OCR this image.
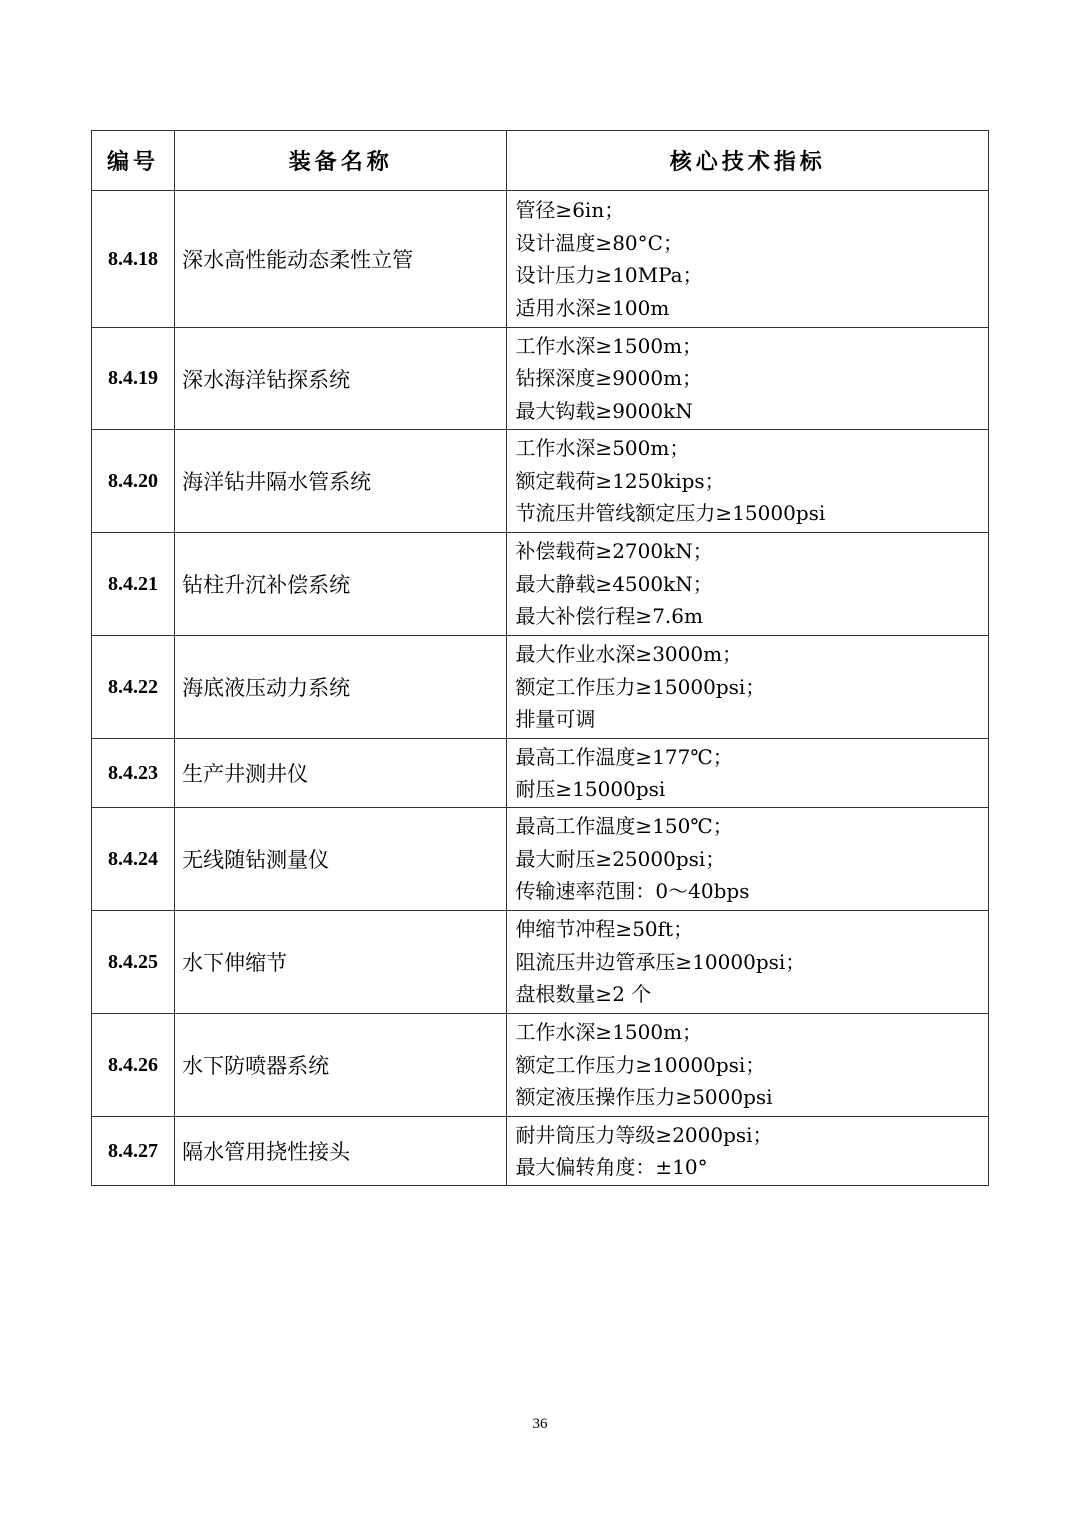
编号	装备名称	核心技术指标
8.4.18	深水高性能动态柔性立管	管径≥6in；
设计温度≥80°C；
设计压力≥10MPa；
适用水深≥100m

8.4.19	深水海洋钻探系统	工作水深≥1500m；
钻探深度≥9000m；
最大钩载≥9000kN

8.4.20	海洋钻井隔水管系统	工作水深≥500m；
额定载荷≥1250kips；
节流压井管线额定压力≥15000psi

8.4.21	钻柱升沉补偿系统	补偿载荷≥2700kN；
最大静载≥4500kN；
最大补偿行程≥7.6m

8.4.22	海底液压动力系统	最大作业水深≥3000m；
额定工作压力≥15000psi；
排量可调

8.4.23	生产井测井仪	最高工作温度≥177℃；
耐压≥15000psi

8.4.24	无线随钻测量仪	最高工作温度≥150℃；
最大耐压≥25000psi；
传输速率范围：0～40bps

8.4.25	水下伸缩节	伸缩节冲程≥50ft；
阻流压井边管承压≥10000psi；
盘根数量≥2 个

8.4.26	水下防喷器系统	工作水深≥1500m；
额定工作压力≥10000psi；
额定液压操作压力≥5000psi

8.4.27	隔水管用挠性接头	耐井筒压力等级≥2000psi；
最大偏转角度：±10°
36
